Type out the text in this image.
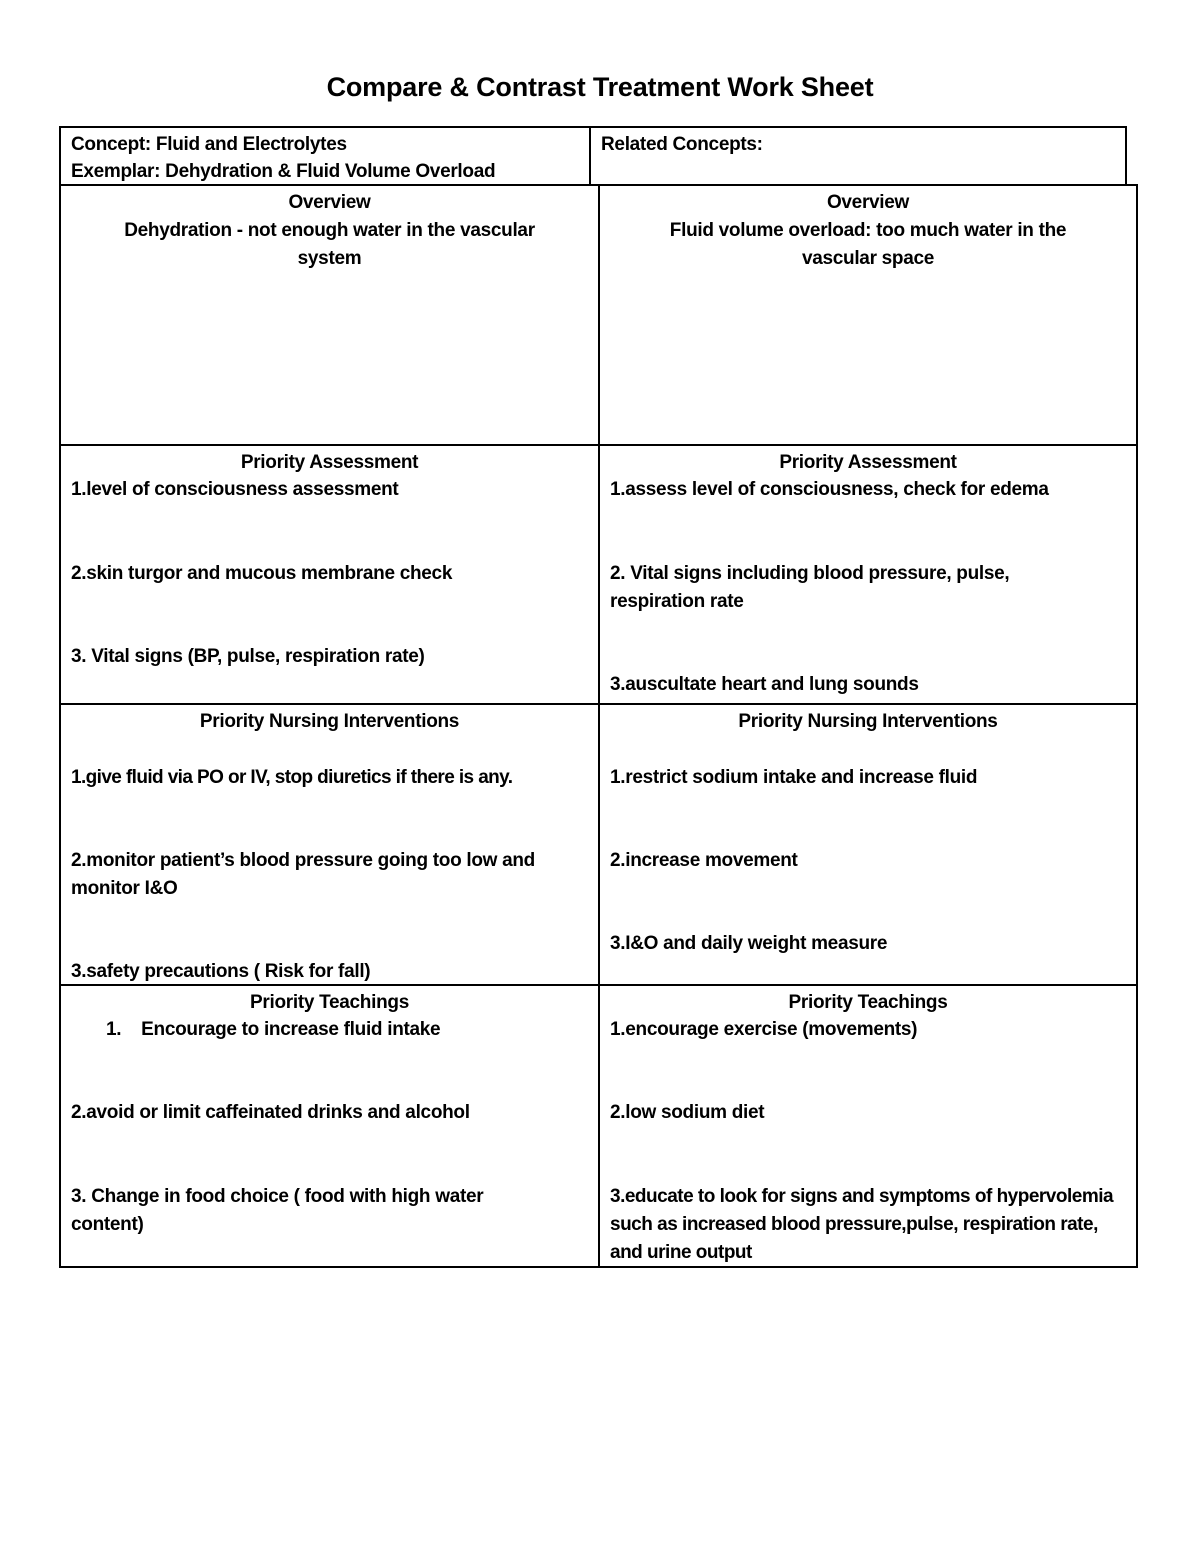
Compare & Contrast Treatment Work Sheet
Concept: Fluid and Electrolytes
Exemplar: Dehydration & Fluid Volume Overload
Related Concepts:
Overview
Dehydration - not enough water in the vascular system
Overview
Fluid volume overload: too much water in the vascular space
Priority Assessment
1.level of consciousness assessment
2.skin turgor and mucous membrane check
3. Vital signs (BP, pulse, respiration rate)
Priority Assessment
1.assess level of consciousness, check for edema
2. Vital signs including blood pressure, pulse, respiration rate
3.auscultate heart and lung sounds
Priority Nursing Interventions
1.give fluid via PO or IV, stop diuretics if there is any.
2.monitor patient’s blood pressure going too low and monitor I&O
3.safety precautions ( Risk for fall)
Priority Nursing Interventions
1.restrict sodium intake and increase fluid
2.increase movement
3.I&O and daily weight measure
Priority Teachings
1.    Encourage to increase fluid intake
2.avoid or limit caffeinated drinks and alcohol
3. Change in food choice ( food with high water content)
Priority Teachings
1.encourage exercise (movements)
2.low sodium diet
3.educate to look for signs and symptoms of hypervolemia such as increased blood pressure,pulse, respiration rate, and urine output
